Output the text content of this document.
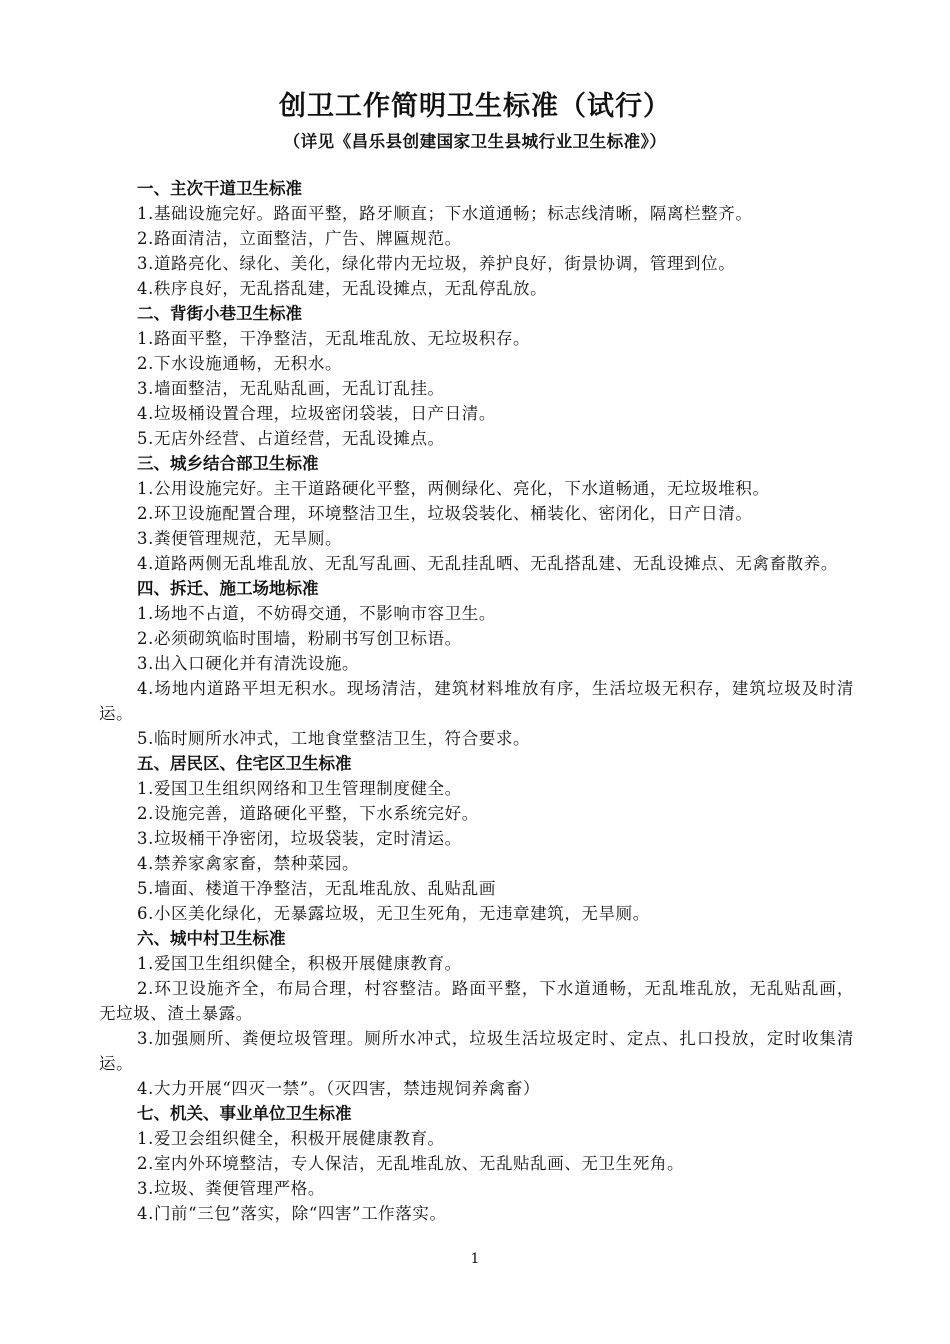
创卫工作简明卫生标准（试行）
（详见《昌乐县创建国家卫生县城行业卫生标准》）
一、主次干道卫生标准
1.基础设施完好。路面平整，路牙顺直；下水道通畅；标志线清晰，隔离栏整齐。
2.路面清洁，立面整洁，广告、牌匾规范。
3.道路亮化、绿化、美化，绿化带内无垃圾，养护良好，街景协调，管理到位。
4.秩序良好，无乱搭乱建，无乱设摊点，无乱停乱放。
二、背街小巷卫生标准
1.路面平整，干净整洁，无乱堆乱放、无垃圾积存。
2.下水设施通畅，无积水。
3.墙面整洁，无乱贴乱画，无乱订乱挂。
4.垃圾桶设置合理，垃圾密闭袋装，日产日清。
5.无店外经营、占道经营，无乱设摊点。
三、城乡结合部卫生标准
1.公用设施完好。主干道路硬化平整，两侧绿化、亮化，下水道畅通，无垃圾堆积。
2.环卫设施配置合理，环境整洁卫生，垃圾袋装化、桶装化、密闭化，日产日清。
3.粪便管理规范，无旱厕。
4.道路两侧无乱堆乱放、无乱写乱画、无乱挂乱晒、无乱搭乱建、无乱设摊点、无禽畜散养。
四、拆迁、施工场地标准
1.场地不占道，不妨碍交通，不影响市容卫生。
2.必须砌筑临时围墙，粉刷书写创卫标语。
3.出入口硬化并有清洗设施。
4.场地内道路平坦无积水。现场清洁，建筑材料堆放有序，生活垃圾无积存，建筑垃圾及时清运。
5.临时厕所水冲式，工地食堂整洁卫生，符合要求。
五、居民区、住宅区卫生标准
1.爱国卫生组织网络和卫生管理制度健全。
2.设施完善，道路硬化平整，下水系统完好。
3.垃圾桶干净密闭，垃圾袋装，定时清运。
4.禁养家禽家畜，禁种菜园。
5.墙面、楼道干净整洁，无乱堆乱放、乱贴乱画
6.小区美化绿化，无暴露垃圾，无卫生死角，无违章建筑，无旱厕。
六、城中村卫生标准
1.爱国卫生组织健全，积极开展健康教育。
2.环卫设施齐全，布局合理，村容整洁。路面平整，下水道通畅，无乱堆乱放，无乱贴乱画，无垃圾、渣土暴露。
3.加强厕所、粪便垃圾管理。厕所水冲式，垃圾生活垃圾定时、定点、扎口投放，定时收集清运。
4.大力开展“四灭一禁”。（灭四害，禁违规饲养禽畜）
七、机关、事业单位卫生标准
1.爱卫会组织健全，积极开展健康教育。
2.室内外环境整洁，专人保洁，无乱堆乱放、无乱贴乱画、无卫生死角。
3.垃圾、粪便管理严格。
4.门前“三包”落实，除“四害”工作落实。
1
